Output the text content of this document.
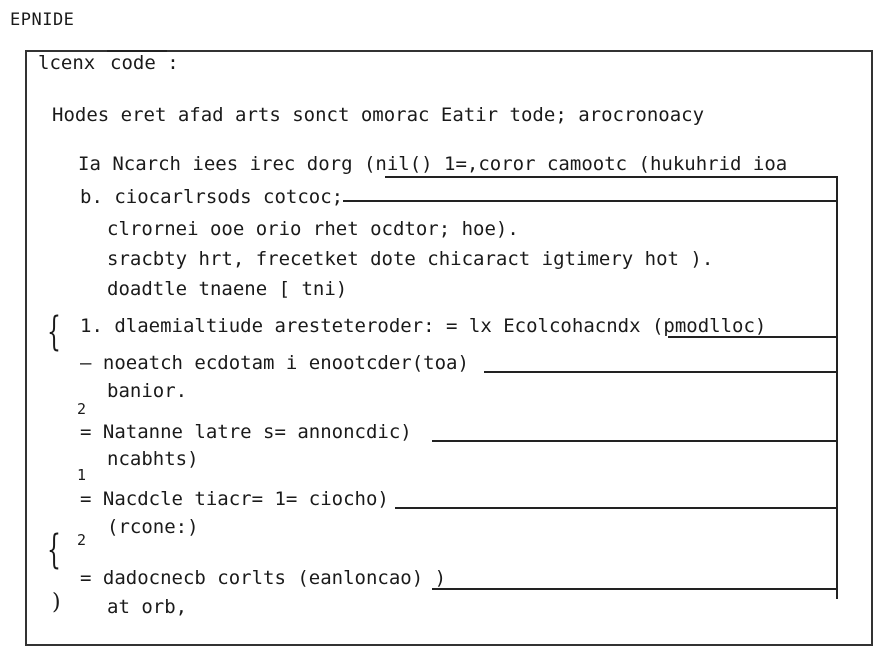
EPNIDE
lcenx code :
Hodes eret afad arts sonct omorac Eatir tode; arocronoacy
Ia Ncarch iees irec dorg (nil() 1=,coror camootc (hukuhrid ioa
b. ciocarlrsods cotcoc;
clrornei ooe orio rhet ocdtor; hoe).
sracbty hrt, frecetket dote chicaract igtimery hot ).
doadtle tnaene [ tni)
{
{
)
1. dlaemialtiude aresteteroder: = lx Ecolcohacndx (pmodlloc)
– noeatch ecdotam i enootcder(toa)
banior.
2
= Natanne latre s= annoncdic)
ncabhts)
1
= Nacdcle tiacr= 1= ciocho)
(rcone:)
2
= dadocnecb corlts (eanloncao) )
at orb,
